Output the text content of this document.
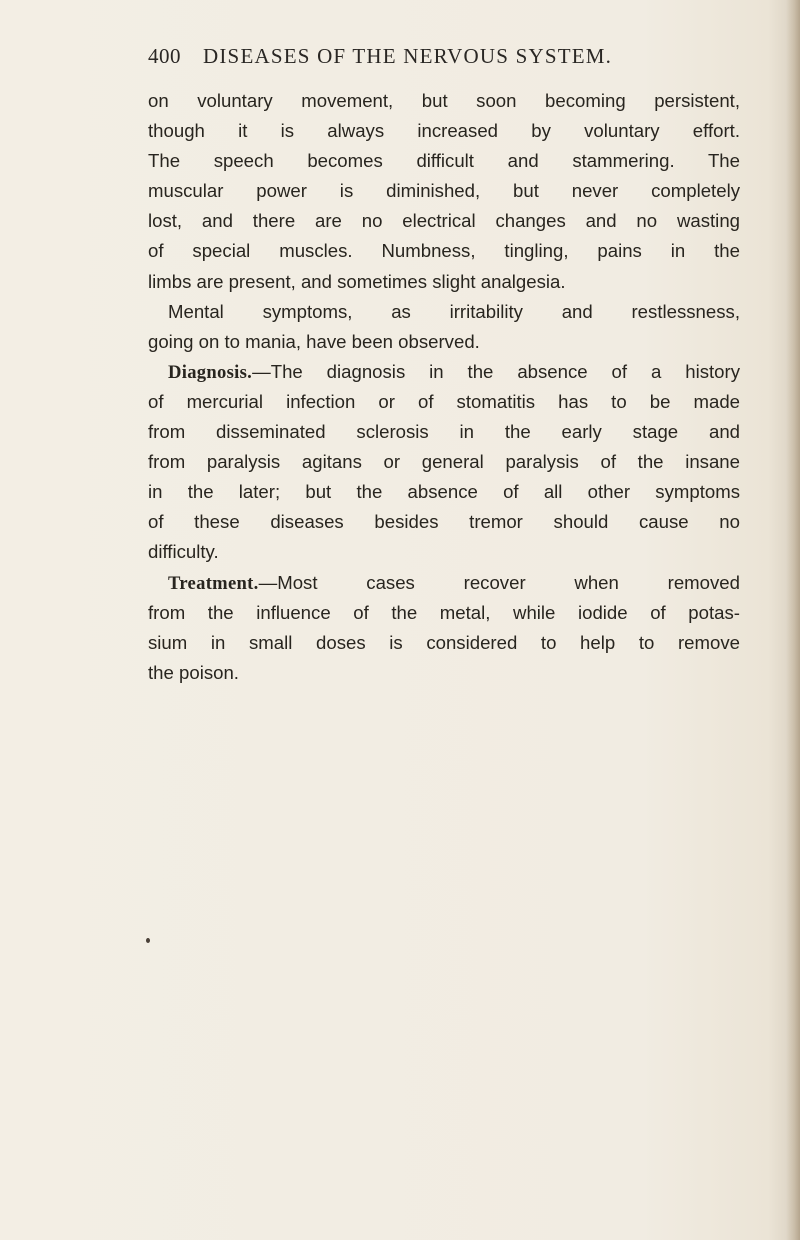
400 DISEASES OF THE NERVOUS SYSTEM.
on voluntary movement, but soon becoming persistent,
though it is always increased by voluntary effort.
The speech becomes difficult and stammering. The
muscular power is diminished, but never completely
lost, and there are no electrical changes and no wasting
of special muscles. Numbness, tingling, pains in the
limbs are present, and sometimes slight analgesia.
Mental symptoms, as irritability and restlessness,
going on to mania, have been observed.
Diagnosis.—The diagnosis in the absence of a history
of mercurial infection or of stomatitis has to be made
from disseminated sclerosis in the early stage and
from paralysis agitans or general paralysis of the insane
in the later; but the absence of all other symptoms
of these diseases besides tremor should cause no
difficulty.
Treatment.—Most cases recover when removed
from the influence of the metal, while iodide of potas-
sium in small doses is considered to help to remove
the poison.
